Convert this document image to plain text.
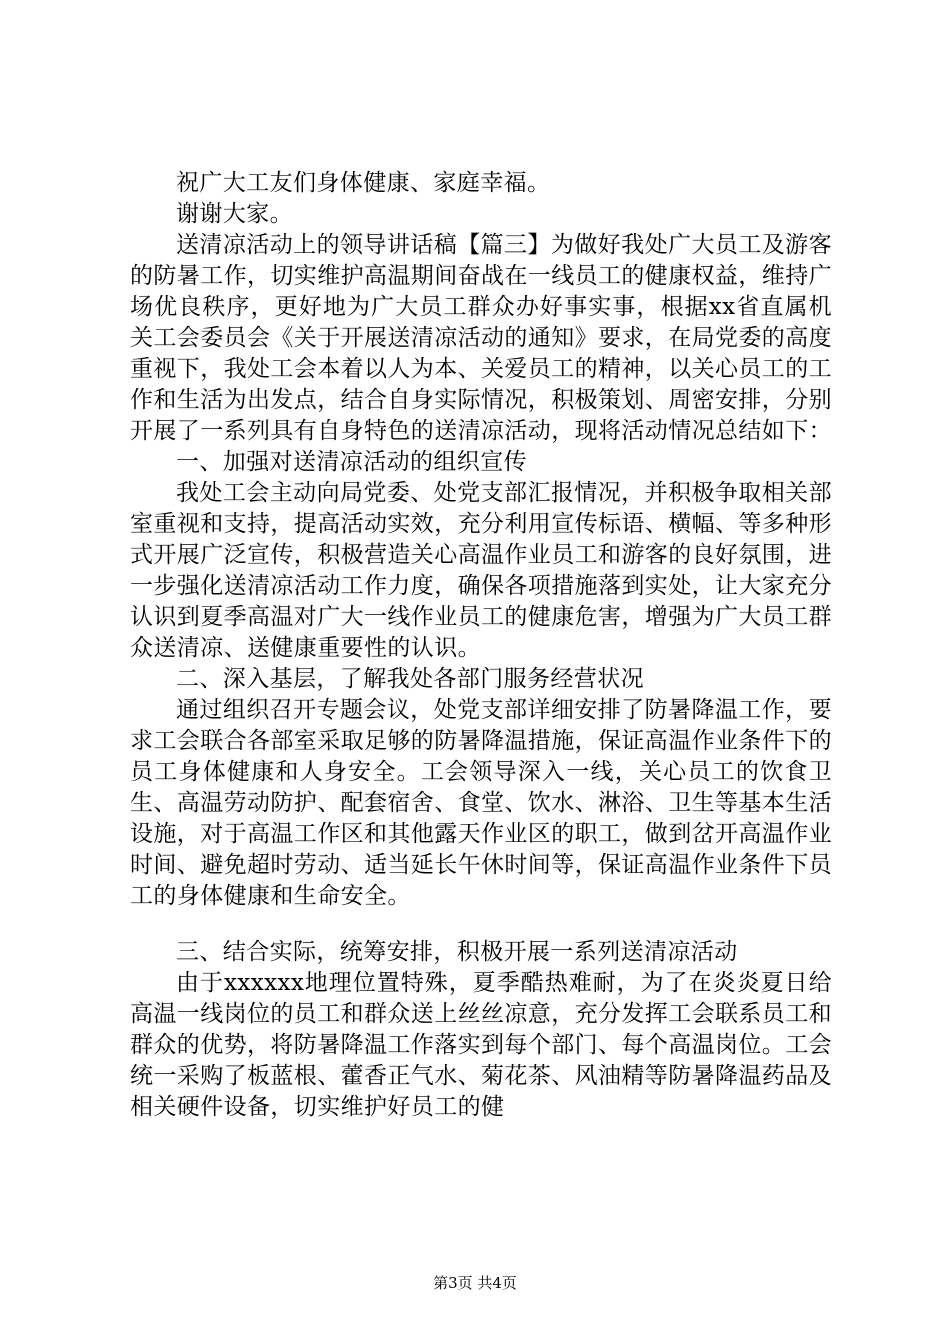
祝广大工友们身体健康、家庭幸福。

谢谢大家。

送清凉活动上的领导讲话稿【篇三】为做好我处广大员工及游客的防暑工作，切实维护高温期间奋战在一线员工的健康权益，维持广场优良秩序，更好地为广大员工群众办好事实事，根据xx省直属机关工会委员会《关于开展送清凉活动的通知》要求，在局党委的高度重视下，我处工会本着以人为本、关爱员工的精神，以关心员工的工作和生活为出发点，结合自身实际情况，积极策划、周密安排，分别开展了一系列具有自身特色的送清凉活动，现将活动情况总结如下：

一、加强对送清凉活动的组织宣传

我处工会主动向局党委、处党支部汇报情况，并积极争取相关部室重视和支持，提高活动实效，充分利用宣传标语、横幅、等多种形式开展广泛宣传，积极营造关心高温作业员工和游客的良好氛围，进一步强化送清凉活动工作力度，确保各项措施落到实处，让大家充分认识到夏季高温对广大一线作业员工的健康危害，增强为广大员工群众送清凉、送健康重要性的认识。

二、深入基层，了解我处各部门服务经营状况

通过组织召开专题会议，处党支部详细安排了防暑降温工作，要求工会联合各部室采取足够的防暑降温措施，保证高温作业条件下的员工身体健康和人身安全。工会领导深入一线，关心员工的饮食卫生、高温劳动防护、配套宿舍、食堂、饮水、淋浴、卫生等基本生活设施，对于高温工作区和其他露天作业区的职工，做到岔开高温作业时间、避免超时劳动、适当延长午休时间等，保证高温作业条件下员工的身体健康和生命安全。

三、结合实际，统筹安排，积极开展一系列送清凉活动

由于xxxxxx地理位置特殊，夏季酷热难耐，为了在炎炎夏日给高温一线岗位的员工和群众送上丝丝凉意，充分发挥工会联系员工和群众的优势，将防暑降温工作落实到每个部门、每个高温岗位。工会统一采购了板蓝根、藿香正气水、菊花茶、风油精等防暑降温药品及相关硬件设备，切实维护好员工的健

第3页 共4页
